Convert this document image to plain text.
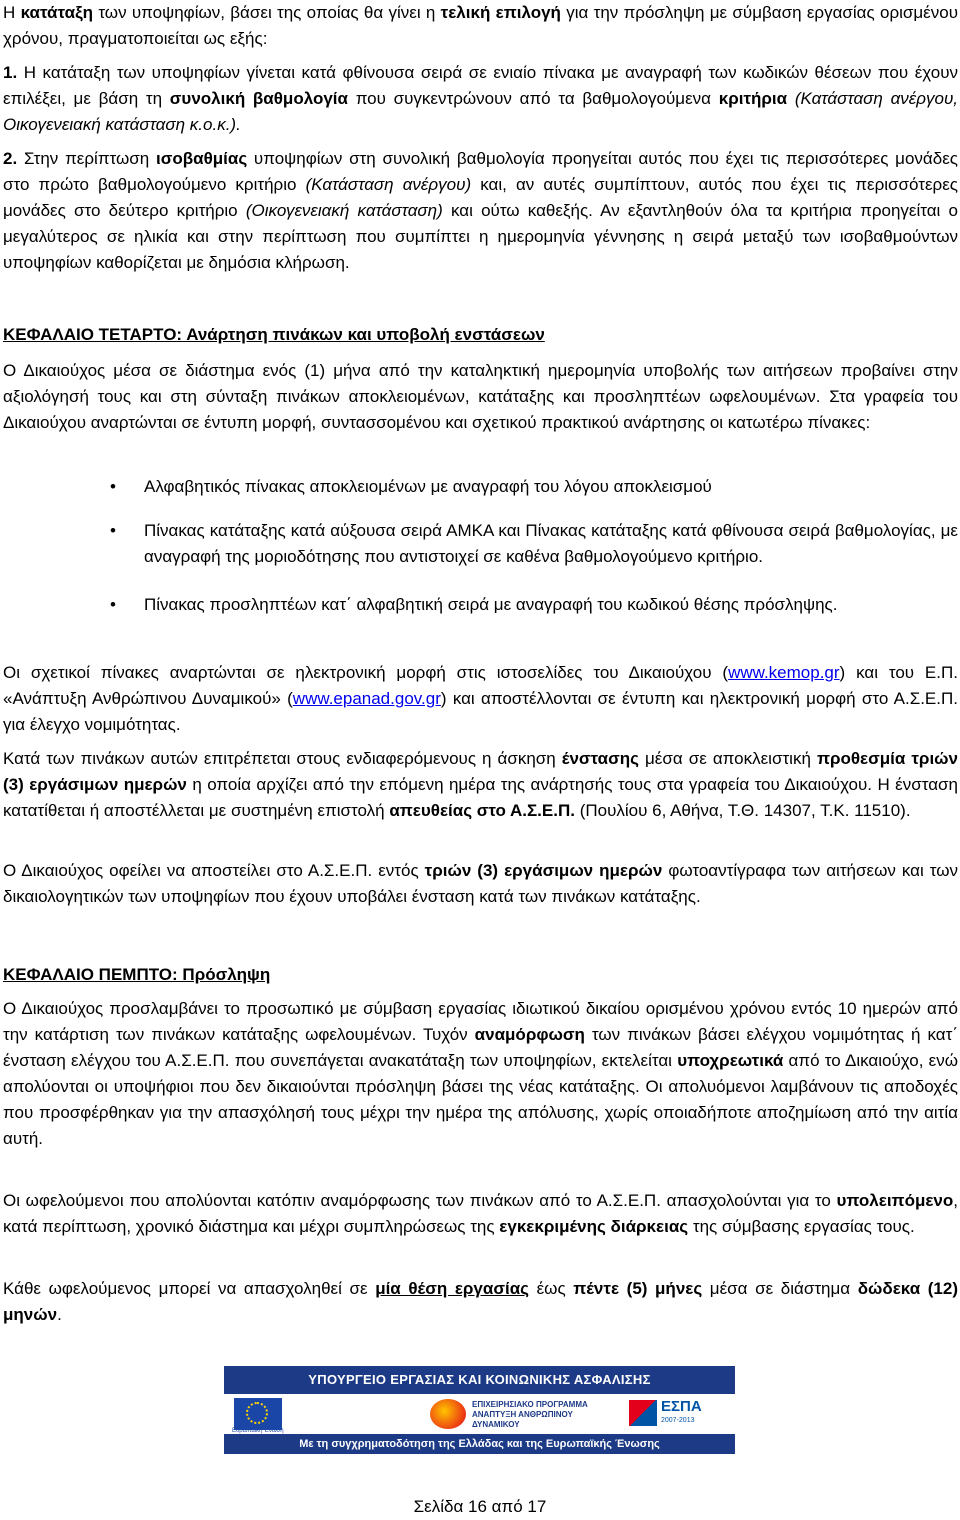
Η κατάταξη των υποψηφίων, βάσει της οποίας θα γίνει η τελική επιλογή για την πρόσληψη με σύμβαση εργασίας ορισμένου χρόνου, πραγματοποιείται ως εξής:

1. Η κατάταξη των υποψηφίων γίνεται κατά φθίνουσα σειρά σε ενιαίο πίνακα με αναγραφή των κωδικών θέσεων που έχουν επιλέξει, με βάση τη συνολική βαθμολογία που συγκεντρώνουν από τα βαθμολογούμενα κριτήρια (Κατάσταση ανέργου, Οικογενειακή κατάσταση κ.ο.κ.).

2. Στην περίπτωση ισοβαθμίας υποψηφίων στη συνολική βαθμολογία προηγείται αυτός που έχει τις περισσότερες μονάδες στο πρώτο βαθμολογούμενο κριτήριο (Κατάσταση ανέργου) και, αν αυτές συμπίπτουν, αυτός που έχει τις περισσότερες μονάδες στο δεύτερο κριτήριο (Οικογενειακή κατάσταση) και ούτω καθεξής. Αν εξαντληθούν όλα τα κριτήρια προηγείται ο μεγαλύτερος σε ηλικία και στην περίπτωση που συμπίπτει η ημερομηνία γέννησης η σειρά μεταξύ των ισοβαθμούντων υποψηφίων καθορίζεται με δημόσια κλήρωση.

ΚΕΦΑΛΑΙΟ ΤΕΤΑΡΤΟ: Ανάρτηση πινάκων και υποβολή ενστάσεων

Ο Δικαιούχος μέσα σε διάστημα ενός (1) μήνα από την καταληκτική ημερομηνία υποβολής των αιτήσεων προβαίνει στην αξιολόγησή τους και στη σύνταξη πινάκων αποκλειομένων, κατάταξης και προσληπτέων ωφελουμένων. Στα γραφεία του Δικαιούχου αναρτώνται σε έντυπη μορφή, συντασσομένου και σχετικού πρακτικού ανάρτησης οι κατωτέρω πίνακες:

• Αλφαβητικός πίνακας αποκλειομένων με αναγραφή του λόγου αποκλεισμού
• Πίνακας κατάταξης κατά αύξουσα σειρά ΑΜΚΑ και Πίνακας κατάταξης κατά φθίνουσα σειρά βαθμολογίας, με αναγραφή της μοριοδότησης που αντιστοιχεί σε καθένα βαθμολογούμενο κριτήριο.
• Πίνακας προσληπτέων κατ΄ αλφαβητική σειρά με αναγραφή του κωδικού θέσης πρόσληψης.

Οι σχετικοί πίνακες αναρτώνται σε ηλεκτρονική μορφή στις ιστοσελίδες του Δικαιούχου (www.kemop.gr) και του Ε.Π. «Ανάπτυξη Ανθρώπινου Δυναμικού» (www.epanad.gov.gr) και αποστέλλονται σε έντυπη και ηλεκτρονική μορφή στο Α.Σ.Ε.Π. για έλεγχο νομιμότητας.

Κατά των πινάκων αυτών επιτρέπεται στους ενδιαφερόμενους η άσκηση ένστασης μέσα σε αποκλειστική προθεσμία τριών (3) εργάσιμων ημερών η οποία αρχίζει από την επόμενη ημέρα της ανάρτησής τους στα γραφεία του Δικαιούχου. Η ένσταση κατατίθεται ή αποστέλλεται με συστημένη επιστολή απευθείας στο Α.Σ.Ε.Π. (Πουλίου 6, Αθήνα, Τ.Θ. 14307, Τ.Κ. 11510).

Ο Δικαιούχος οφείλει να αποστείλει στο Α.Σ.Ε.Π. εντός τριών (3) εργάσιμων ημερών φωτοαντίγραφα των αιτήσεων και των δικαιολογητικών των υποψηφίων που έχουν υποβάλει ένσταση κατά των πινάκων κατάταξης.

ΚΕΦΑΛΑΙΟ ΠΕΜΠΤΟ: Πρόσληψη

Ο Δικαιούχος προσλαμβάνει το προσωπικό με σύμβαση εργασίας ιδιωτικού δικαίου ορισμένου χρόνου εντός 10 ημερών από την κατάρτιση των πινάκων κατάταξης ωφελουμένων. Τυχόν αναμόρφωση των πινάκων βάσει ελέγχου νομιμότητας ή κατ΄ ένσταση ελέγχου του Α.Σ.Ε.Π. που συνεπάγεται ανακατάταξη των υποψηφίων, εκτελείται υποχρεωτικά από το Δικαιούχο, ενώ απολύονται οι υποψήφιοι που δεν δικαιούνται πρόσληψη βάσει της νέας κατάταξης. Οι απολυόμενοι λαμβάνουν τις αποδοχές που προσφέρθηκαν για την απασχόλησή τους μέχρι την ημέρα της απόλυσης, χωρίς οποιαδήποτε αποζημίωση από την αιτία αυτή.

Οι ωφελούμενοι που απολύονται κατόπιν αναμόρφωσης των πινάκων από το Α.Σ.Ε.Π. απασχολούνται για το υπολειπόμενο, κατά περίπτωση, χρονικό διάστημα και μέχρι συμπληρώσεως της εγκεκριμένης διάρκειας της σύμβασης εργασίας τους.

Κάθε ωφελούμενος μπορεί να απασχοληθεί σε μία θέση εργασίας έως πέντε (5) μήνες μέσα σε διάστημα δώδεκα (12) μηνών.

ΥΠΟΥΡΓΕΙΟ ΕΡΓΑΣΙΑΣ ΚΑΙ ΚΟΙΝΩΝΙΚΗΣ ΑΣΦΑΛΙΣΗΣ
Ευρωπαϊκή Ένωση
ΕΠΙΧΕΙΡΗΣΙΑΚΟ ΠΡΟΓΡΑΜΜΑ ΑΝΑΠΤΥΞΗ ΑΝΘΡΩΠΙΝΟΥ ΔΥΝΑΜΙΚΟΥ
ΕΣΠΑ
2007-2013
Με τη συγχρηματοδότηση της Ελλάδας και της Ευρωπαϊκής Ένωσης
Σελίδα 16 από 17
